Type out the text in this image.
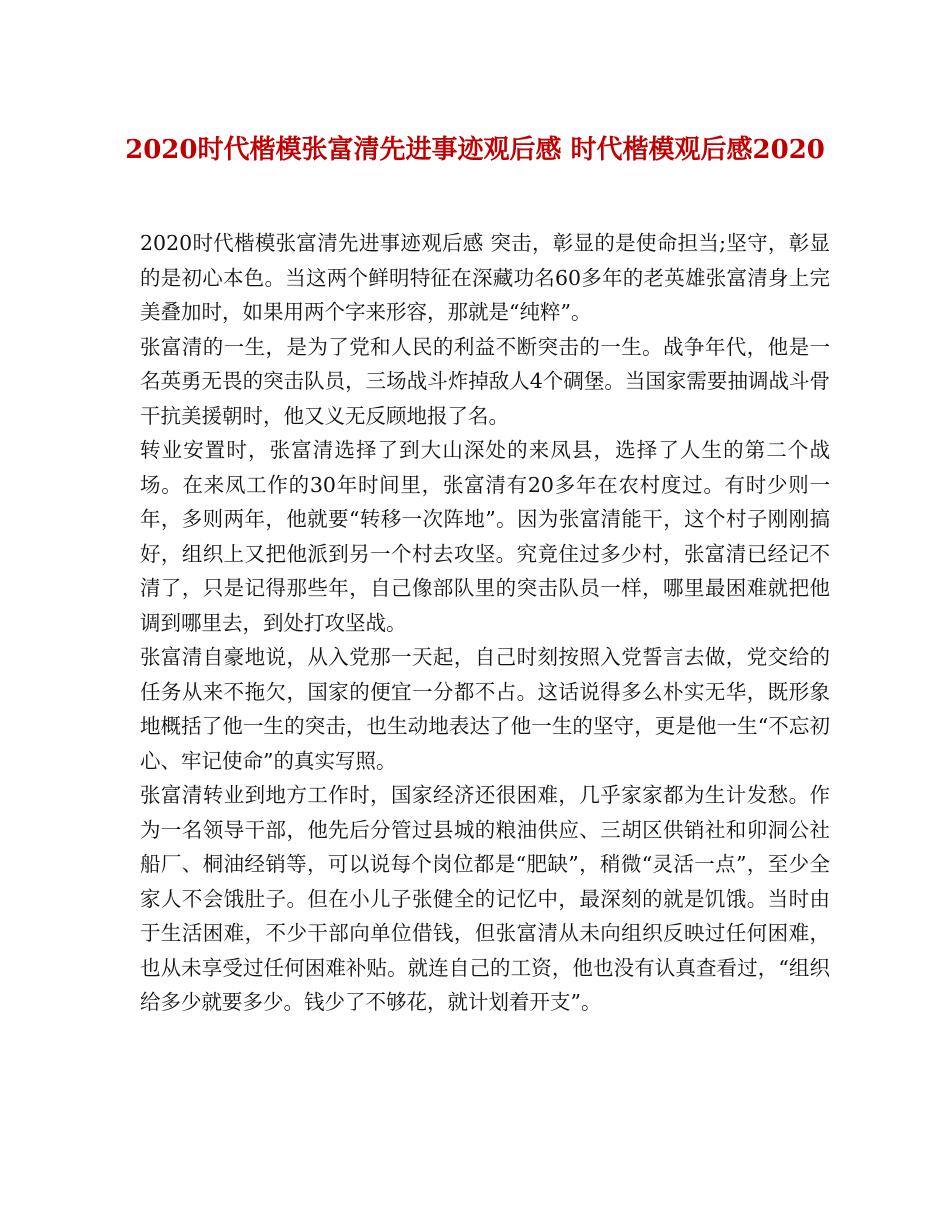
2020时代楷模张富清先进事迹观后感 时代楷模观后感2020

2020时代楷模张富清先进事迹观后感 突击，彰显的是使命担当;坚守，彰显的是初心本色。当这两个鲜明特征在深藏功名60多年的老英雄张富清身上完美叠加时，如果用两个字来形容，那就是“纯粹”。

张富清的一生，是为了党和人民的利益不断突击的一生。战争年代，他是一名英勇无畏的突击队员，三场战斗炸掉敌人4个碉堡。当国家需要抽调战斗骨干抗美援朝时，他又义无反顾地报了名。

转业安置时，张富清选择了到大山深处的来凤县，选择了人生的第二个战场。在来凤工作的30年时间里，张富清有20多年在农村度过。有时少则一年，多则两年，他就要“转移一次阵地”。因为张富清能干，这个村子刚刚搞好，组织上又把他派到另一个村去攻坚。究竟住过多少村，张富清已经记不清了，只是记得那些年，自己像部队里的突击队员一样，哪里最困难就把他调到哪里去，到处打攻坚战。

张富清自豪地说，从入党那一天起，自己时刻按照入党誓言去做，党交给的任务从来不拖欠，国家的便宜一分都不占。这话说得多么朴实无华，既形象地概括了他一生的突击，也生动地表达了他一生的坚守，更是他一生“不忘初心、牢记使命”的真实写照。

张富清转业到地方工作时，国家经济还很困难，几乎家家都为生计发愁。作为一名领导干部，他先后分管过县城的粮油供应、三胡区供销社和卯洞公社船厂、桐油经销等，可以说每个岗位都是“肥缺”，稍微“灵活一点”，至少全家人不会饿肚子。但在小儿子张健全的记忆中，最深刻的就是饥饿。当时由于生活困难，不少干部向单位借钱，但张富清从未向组织反映过任何困难，也从未享受过任何困难补贴。就连自己的工资，他也没有认真查看过，“组织给多少就要多少。钱少了不够花，就计划着开支”。
